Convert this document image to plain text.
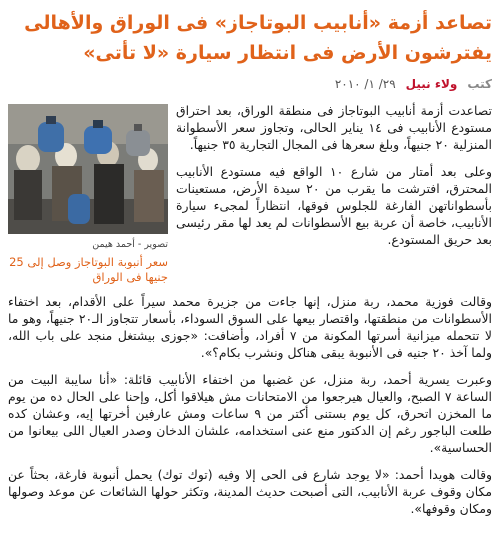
تصاعد أزمة «أنابيب البوتاجاز» فى الوراق والأهالى يفترشون الأرض فى انتظار سيارة «لا تأتى»
كتب
ولاء نبيل
٢٩/ ١/ ٢٠١٠
تصوير - أحمد هيمن
سعر أنبوبة البوتاجاز وصل إلى 25 جنيها فى الوراق

تصاعدت أزمة أنابيب البوتاجاز فى منطقة الوراق، بعد احتراق مستودع الأنابيب فى ١٤ يناير الحالى، وتجاوز سعر الأسطوانة المنزلية ٢٠ جنيهاً، وبلغ سعرها فى المجال التجارية ٣٥ جنيهاً.

وعلى بعد أمتار من شارع ١٠ الواقع فيه مستودع الأنابيب المحترق، افترشت ما يقرب من ٢٠ سيدة الأرض، مستعينات بأسطواناتهن الفارغة للجلوس فوقها، انتظاراً لمجىء سيارة الأنابيب، خاصة أن عربة بيع الأسطوانات لم يعد لها مقر رئيسى بعد حريق المستودع.

وقالت فوزية محمد، ربة منزل، إنها جاءت من جزيرة محمد سيراً على الأقدام، بعد اختفاء الأسطوانات من منطقتها، واقتصار بيعها على السوق السوداء، بأسعار تتجاوز الـ٢٠ جنيهاً، وهو ما لا تتحمله ميزانية أسرتها المكونة من ٧ أفراد، وأضافت: «جوزى بيشتغل منجد على باب الله، ولما آخذ ٢٠ جنيه فى الأنبوبة يبقى هناكل ونشرب بكام؟».

وعبرت يسرية أحمد، ربة منزل، عن غضبها من اختفاء الأنابيب قائلة: «أنا سايبة البيت من الساعة ٧ الصبح، والعيال هيرجعوا من الامتحانات مش هيلاقوا أكل، وإحنا على الحال ده من يوم ما المخزن اتحرق، كل يوم بستنى أكتر من ٩ ساعات ومش عارفين أخرتها إيه، وعشان كده طلعت الباجور رغم إن الدكتور منع عنى استخدامه، علشان الدخان وصدر العيال اللى بيعانوا من الحساسية».

وقالت هويدا أحمد: «لا يوجد شارع فى الحى إلا وفيه (توك توك) يحمل أنبوبة فارغة، بحثاً عن مكان وقوف عربة الأنابيب، التى أصبحت حديث المدينة، وتكثر حولها الشائعات عن موعد وصولها ومكان وقوفها».
